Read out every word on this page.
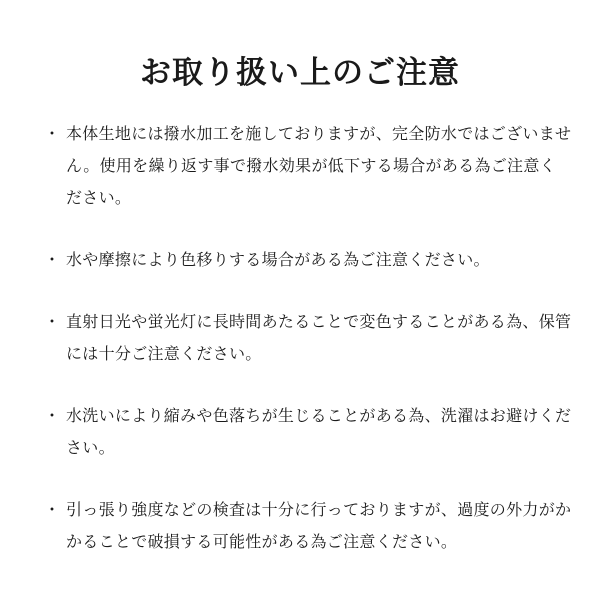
お取り扱い上のご注意
・ 本体生地には撥水加工を施しておりますが、完全防水ではございません。使用を繰り返す事で撥水効果が低下する場合がある為ご注意ください。
・ 水や摩擦により色移りする場合がある為ご注意ください。
・ 直射日光や蛍光灯に長時間あたることで変色することがある為、保管には十分ご注意ください。
・ 水洗いにより縮みや色落ちが生じることがある為、洗濯はお避けください。
・ 引っ張り強度などの検査は十分に行っておりますが、過度の外力がかかることで破損する可能性がある為ご注意ください。
